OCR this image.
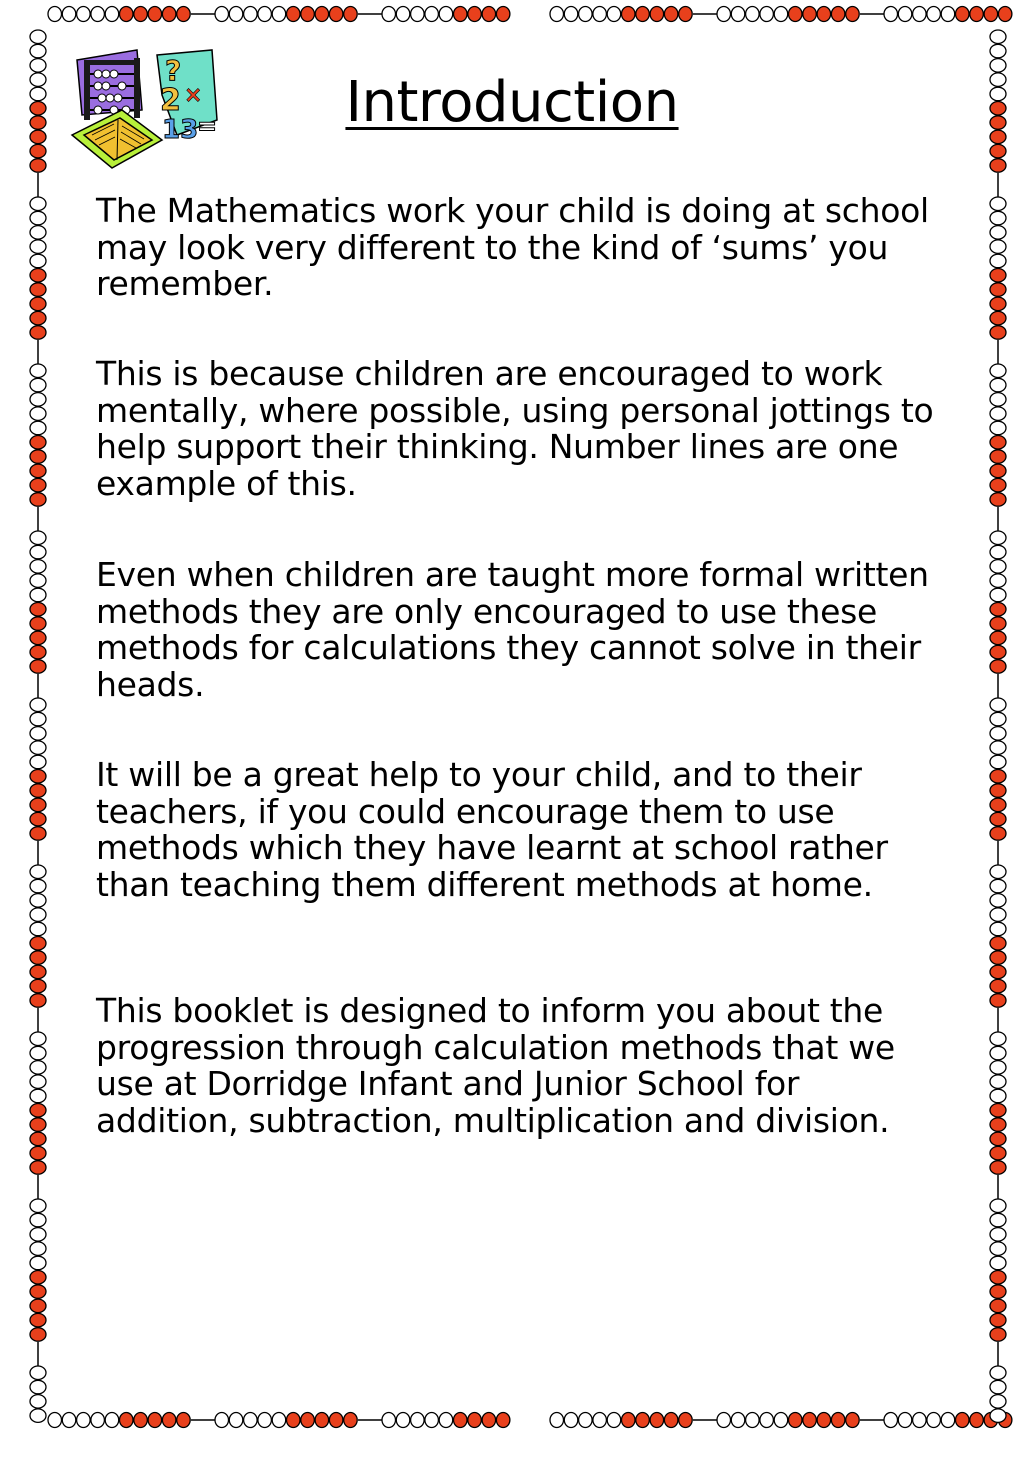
?
2 ×
13
=	Introduction

The Mathematics work your child is doing at school may look very different to the kind of ‘sums’ you remember.

This is because children are encouraged to work mentally, where possible, using personal jottings to help support their thinking. Number lines are one example of this.

Even when children are taught more formal written methods they are only encouraged to use these methods for calculations they cannot solve in their heads.

It will be a great help to your child, and to their teachers, if you could encourage them to use methods which they have learnt at school rather than teaching them different methods at home.

This booklet is designed to inform you about the progression through calculation methods that we use at Dorridge Infant and Junior School for addition, subtraction, multiplication and division.
